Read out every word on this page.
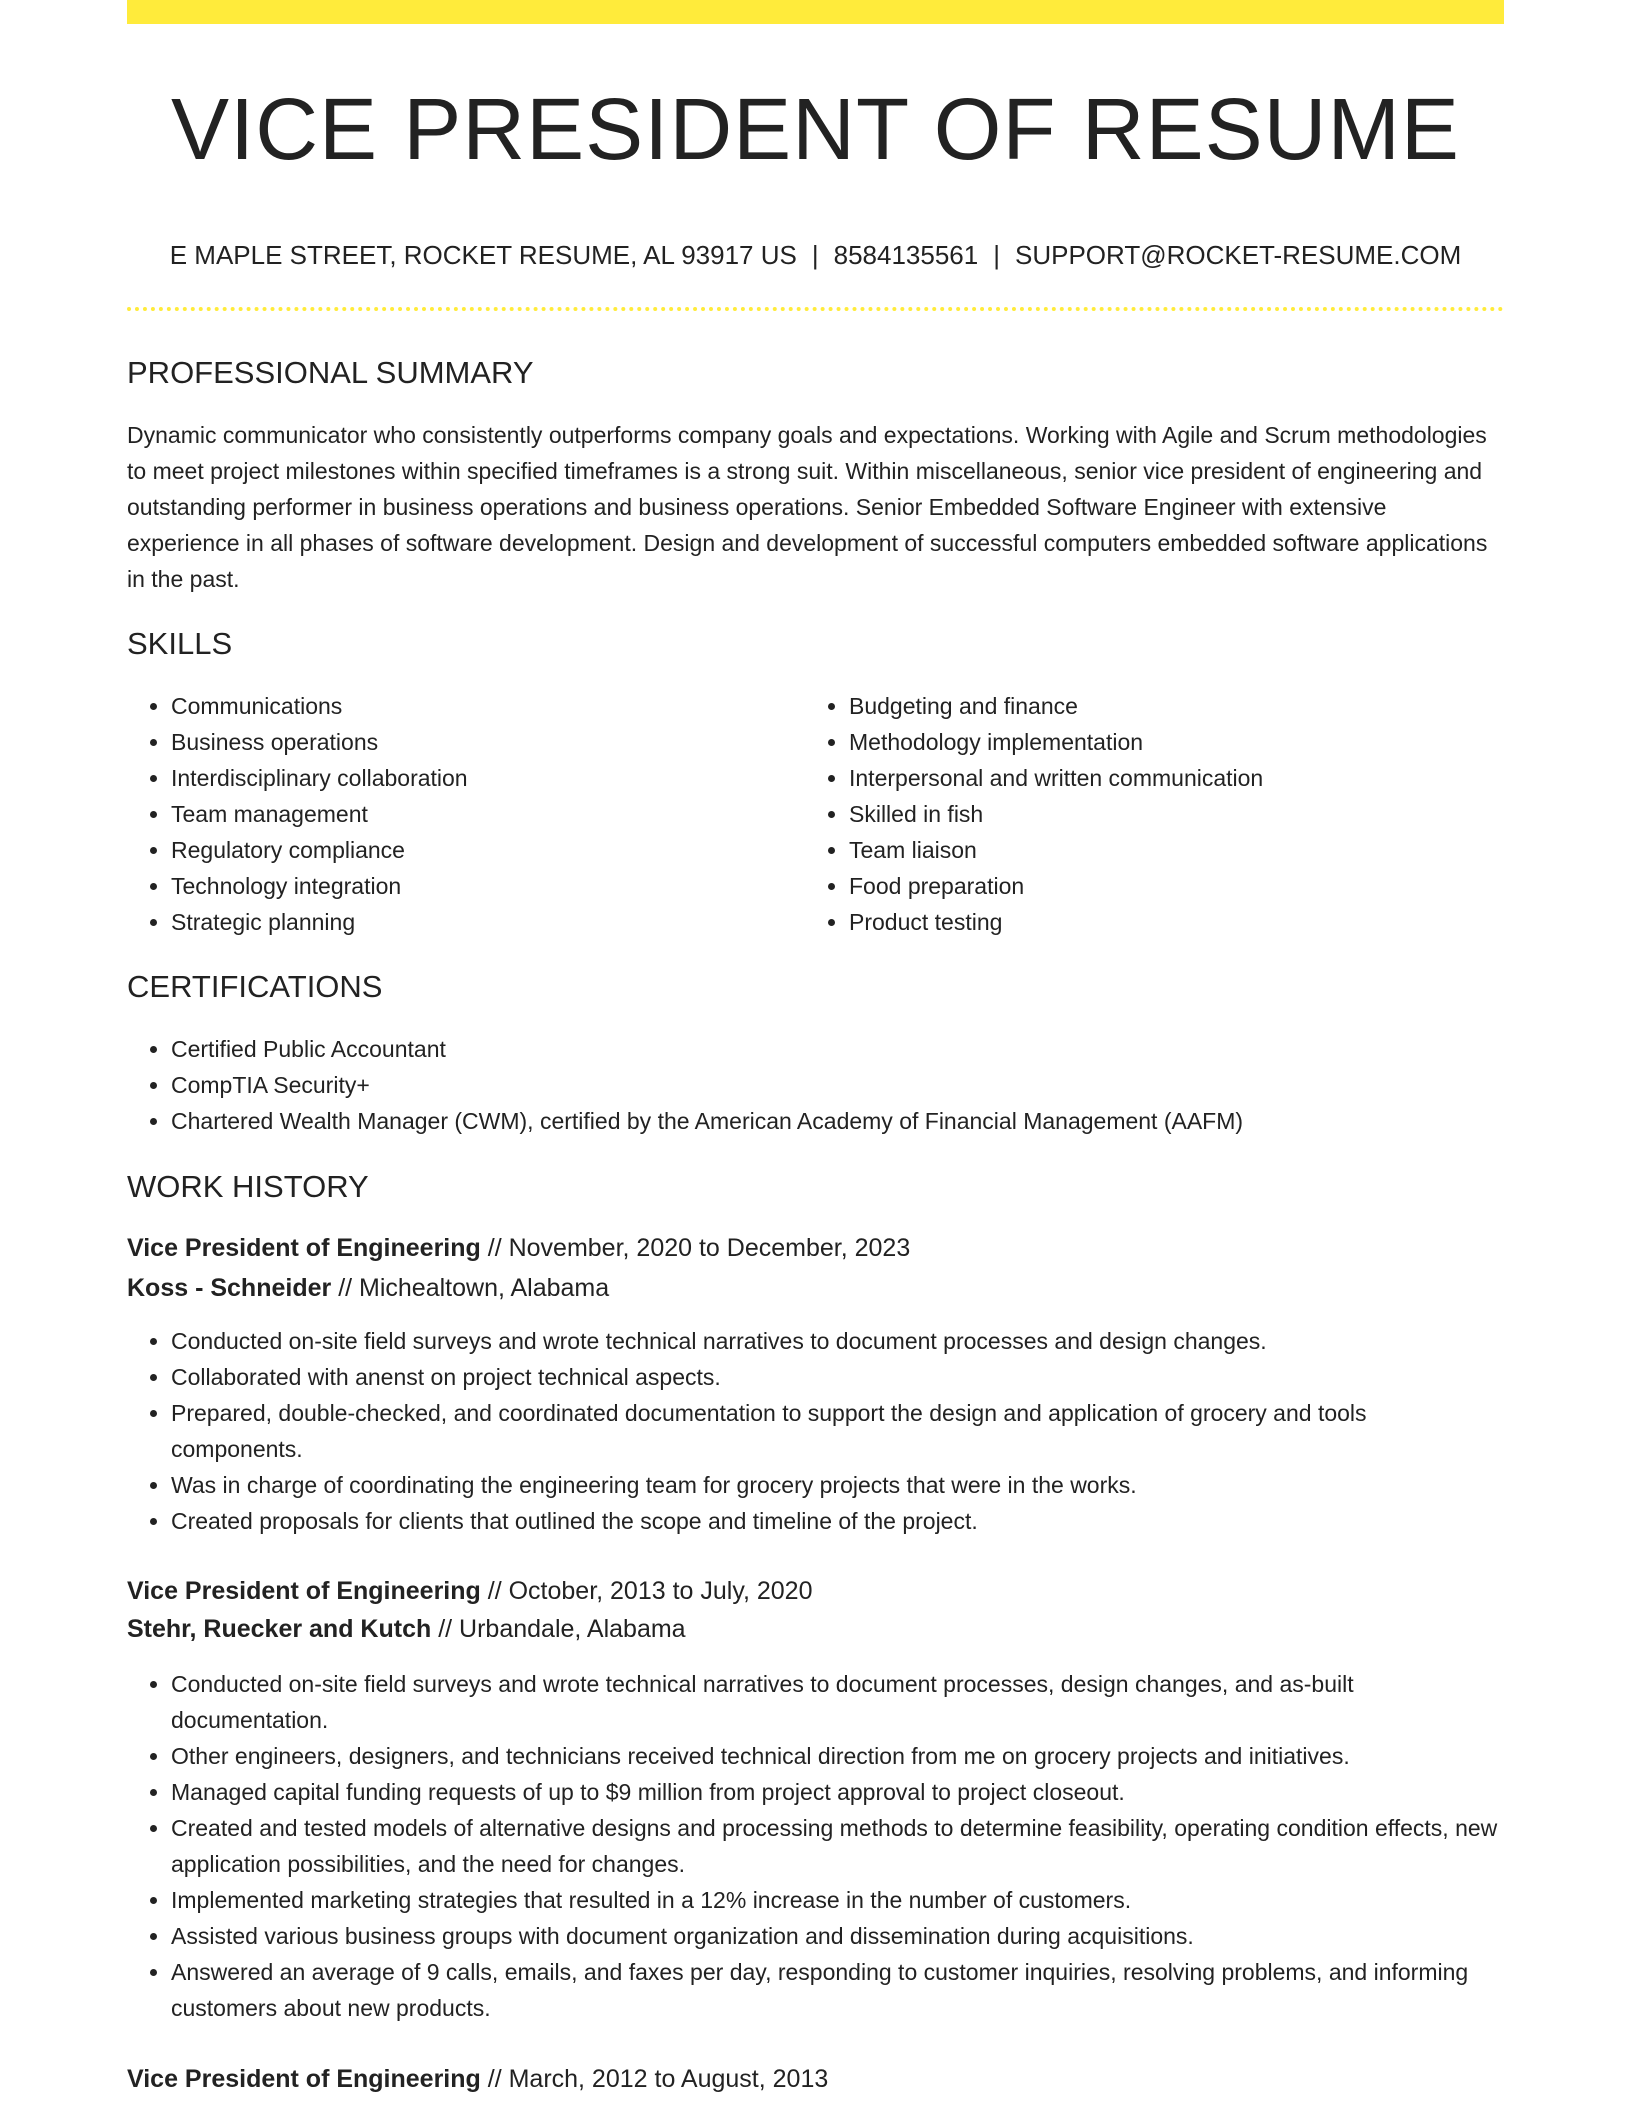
VICE PRESIDENT OF RESUME
E MAPLE STREET, ROCKET RESUME, AL 93917 US | 8584135561 | SUPPORT@ROCKET-RESUME.COM
PROFESSIONAL SUMMARY

Dynamic communicator who consistently outperforms company goals and expectations. Working with Agile and Scrum methodologies to meet project milestones within specified timeframes is a strong suit. Within miscellaneous, senior vice president of engineering and outstanding performer in business operations and business operations. Senior Embedded Software Engineer with extensive experience in all phases of software development. Design and development of successful computers embedded software applications in the past.

SKILLS
• Communications
• Business operations
• Interdisciplinary collaboration
• Team management
• Regulatory compliance
• Technology integration
• Strategic planning
• Budgeting and finance
• Methodology implementation
• Interpersonal and written communication
• Skilled in fish
• Team liaison
• Food preparation
• Product testing
CERTIFICATIONS
• Certified Public Accountant
• CompTIA Security+
• Chartered Wealth Manager (CWM), certified by the American Academy of Financial Management (AAFM)
WORK HISTORY
Vice President of Engineering // November, 2020 to December, 2023
Koss - Schneider // Michealtown, Alabama
• Conducted on-site field surveys and wrote technical narratives to document processes and design changes.
• Collaborated with anenst on project technical aspects.
• Prepared, double-checked, and coordinated documentation to support the design and application of grocery and tools components.
• Was in charge of coordinating the engineering team for grocery projects that were in the works.
• Created proposals for clients that outlined the scope and timeline of the project.
Vice President of Engineering // October, 2013 to July, 2020
Stehr, Ruecker and Kutch // Urbandale, Alabama
• Conducted on-site field surveys and wrote technical narratives to document processes, design changes, and as-built documentation.
• Other engineers, designers, and technicians received technical direction from me on grocery projects and initiatives.
• Managed capital funding requests of up to $9 million from project approval to project closeout.
• Created and tested models of alternative designs and processing methods to determine feasibility, operating condition effects, new application possibilities, and the need for changes.
• Implemented marketing strategies that resulted in a 12% increase in the number of customers.
• Assisted various business groups with document organization and dissemination during acquisitions.
• Answered an average of 9 calls, emails, and faxes per day, responding to customer inquiries, resolving problems, and informing customers about new products.
Vice President of Engineering // March, 2012 to August, 2013
